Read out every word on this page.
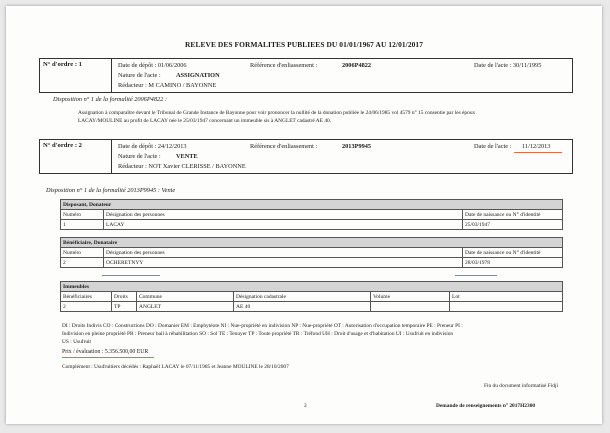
RELEVE DES FORMALITES PUBLIEES DU 01/01/1967 AU 12/01/2017
N° d'ordre : 1	Date de dépôt : 01/06/2006	Référence d'enliassement :	2006P4822	Date de l'acte : 30/11/1995
Nature de l'acte : ASSIGNATION
Rédacteur : M CAMINO / BAYONNE
Disposition n° 1 de la formalité 2006P4822 :
Assignation à comparaître devant le Tribunal de Grande Instance de Bayonne pour voir prononcer la nullité de la donation publiée le 24/06/1985 vol 4579 n° 15 consentie par les époux
LACAY/MOULINE au profit de LACAY née le 25/03/1947 concernant un immeuble sis à ANGLET cadastré AE 40.
N° d'ordre : 2	Date de dépôt : 24/12/2013	Référence d'enliassement :	2013P9945	Date de l'acte : 11/12/2013
Nature de l'acte : VENTE
Rédacteur : NOT Xavier CLERISSE / BAYONNE
Disposition n° 1 de la formalité 2013P9945 : Vente
Disposant, Donateur		
Numéro	Désignation des personnes	Date de naissance ou N° d'identité
1	LACAY	25/03/1947
Bénéficiaire, Donataire		
Numéro	Désignation des personnes	Date de naissance ou N° d'identité
2	OCHERETNYY	28/03/1978
Immeubles					
Bénéficiaires	Droits	Commune	Désignation cadastrale	Volume	Lot
2	TP	ANGLET	AE 40		
DI : Droits Indivis CO : Constructions DO : Domanier EM : Emphytéote NI : Nue-propriété en indivision NP : Nue-propriété OT : Autorisation d'occupation temporaire PE : Preneur PI :
Indivision en pleine propriété PR : Preneur bail à réhabilitation SO : Sol TE : Tenuyer TP : Toute propriété TR : Tréfond UH : Droit d'usage et d'habitation UI : Usufruit en indivision
US : Usufruit
Prix / évaluation : 5.356.500,00 EUR
Complément : Usufruitiers décédés : Raphaël LACAY le 07/11/1985 et Jeanne MOULINE le 28/10/2007
Fin du document informatisé Fidji
2	Demande de renseignements n° 2017H2300
